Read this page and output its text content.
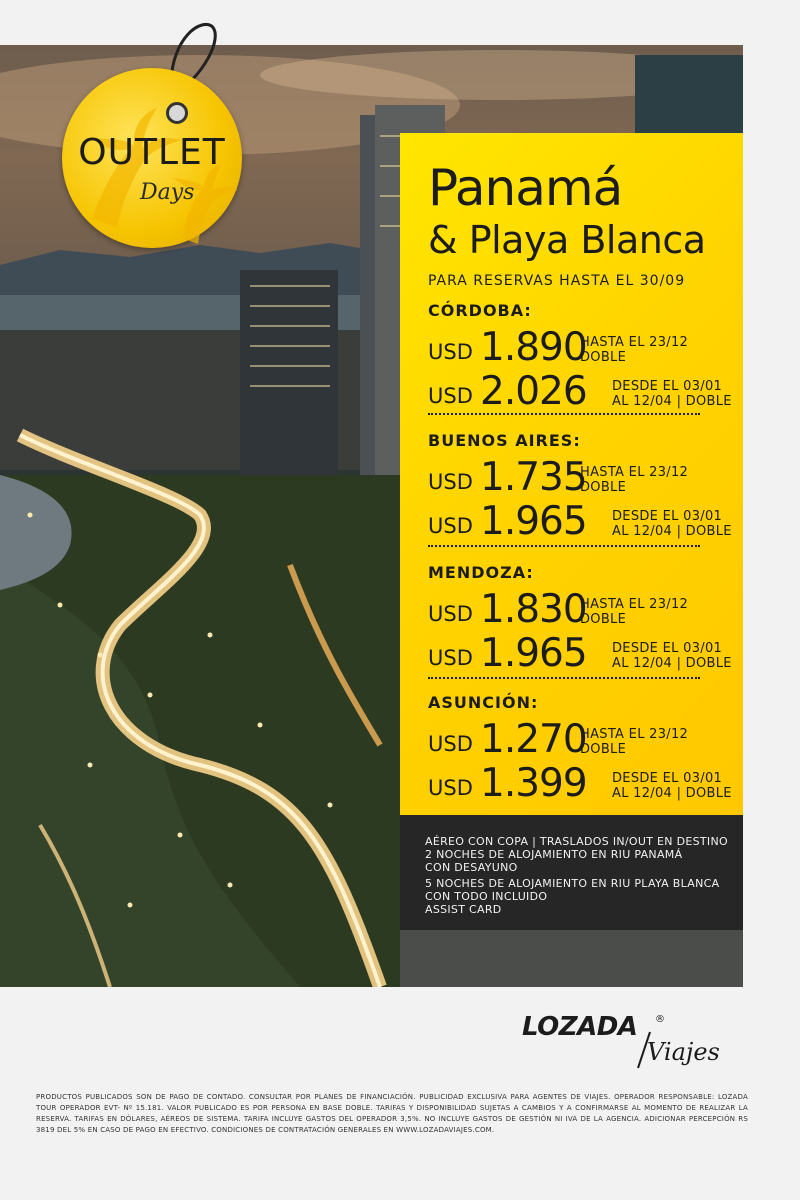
OUTLET
Days	Panamá
& Playa Blanca
PARA RESERVAS HASTA EL 30/09
CÓRDOBA:
USD 1.890
HASTA EL 23/12
DOBLE
USD 2.026 DESDE EL 03/01
AL 12/04 | DOBLE
BUENOS AIRES:
USD 1.735
HASTA EL 23/12
DOBLE
USD 1.965 DESDE EL 03/01
AL 12/04 | DOBLE
MENDOZA:
USD 1.830
HASTA EL 23/12
DOBLE
USD 1.965 DESDE EL 03/01
AL 12/04 | DOBLE
ASUNCIÓN:
USD 1.270
HASTA EL 23/12
DOBLE
USD 1.399 DESDE EL 03/01
AL 12/04 | DOBLE
AÉREO CON COPA | TRASLADOS IN/OUT EN DESTINO
2 NOCHES DE ALOJAMIENTO EN RIU PANAMÁ
CON DESAYUNO
5 NOCHES DE ALOJAMIENTO EN RIU PLAYA BLANCA
CON TODO INCLUIDO
ASSIST CARD
LOZADA ®
Viajes
PRODUCTOS PUBLICADOS SON DE PAGO DE CONTADO. CONSULTAR POR PLANES DE FINANCIACIÓN. PUBLICIDAD EXCLUSIVA PARA AGENTES DE VIAJES. OPERADOR RESPONSABLE: LOZADA TOUR OPERADOR EVT- Nº 15.181. VALOR PUBLICADO ES POR PERSONA EN BASE DOBLE. TARIFAS Y DISPONIBILIDAD SUJETAS A CAMBIOS Y A CONFIRMARSE AL MOMENTO DE REALIZAR LA RESERVA. TARIFAS EN DÓLARES, AÉREOS DE SISTEMA. TARIFA INCLUYE GASTOS DEL OPERADOR 3,5%. NO INCLUYE GASTOS DE GESTIÓN NI IVA DE LA AGENCIA. ADICIONAR PERCEPCIÓN RS 3819 DEL 5% EN CASO DE PAGO EN EFECTIVO. CONDICIONES DE CONTRATACIÓN GENERALES EN WWW.LOZADAVIAJES.COM.
